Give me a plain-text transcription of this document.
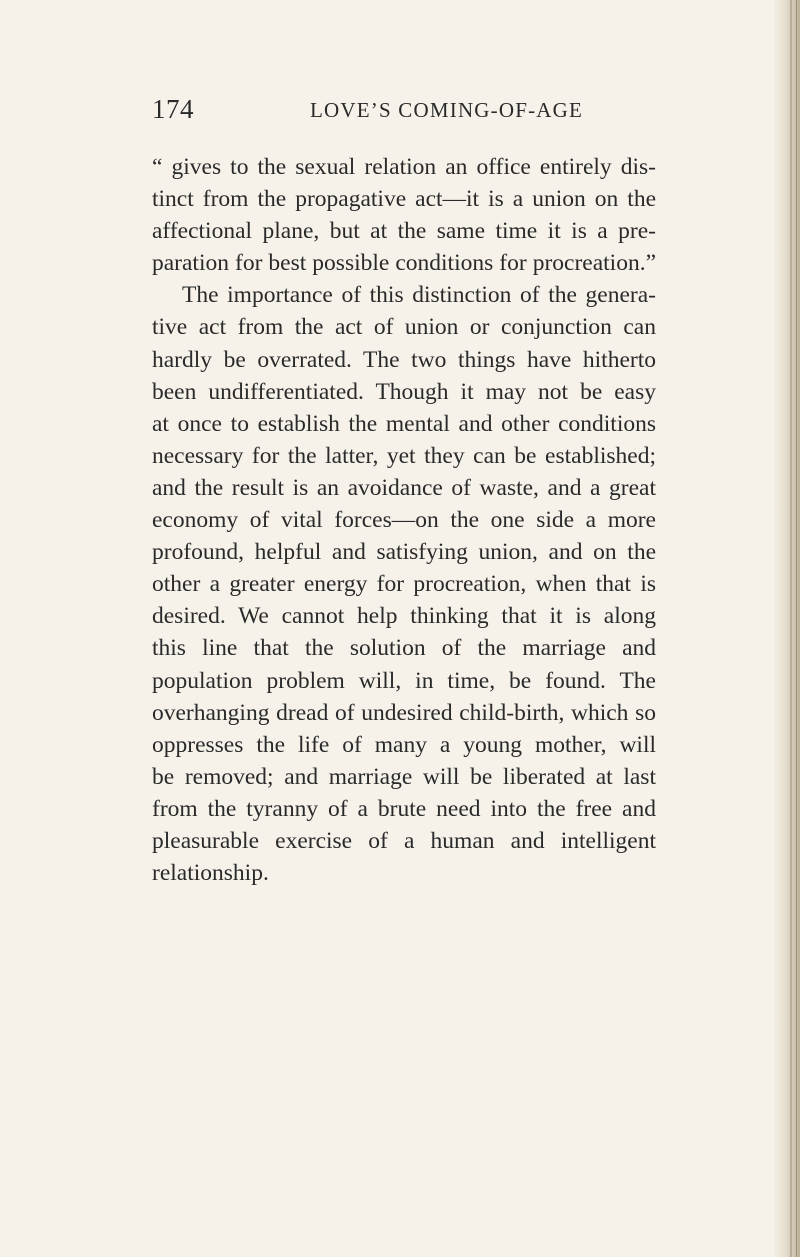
174	LOVE’S COMING-OF-AGE
“ gives to the sexual relation an office entirely dis-
tinct from the propagative act—it is a union on the
affectional plane, but at the same time it is a pre-
paration for best possible conditions for procreation.”
The importance of this distinction of the genera-
tive act from the act of union or conjunction can
hardly be overrated. The two things have hitherto
been undifferentiated. Though it may not be easy
at once to establish the mental and other conditions
necessary for the latter, yet they can be established;
and the result is an avoidance of waste, and a great
economy of vital forces—on the one side a more
profound, helpful and satisfying union, and on the
other a greater energy for procreation, when that is
desired. We cannot help thinking that it is along
this line that the solution of the marriage and
population problem will, in time, be found. The
overhanging dread of undesired child-birth, which so
oppresses the life of many a young mother, will
be removed; and marriage will be liberated at last
from the tyranny of a brute need into the free and
pleasurable exercise of a human and intelligent
relationship.
